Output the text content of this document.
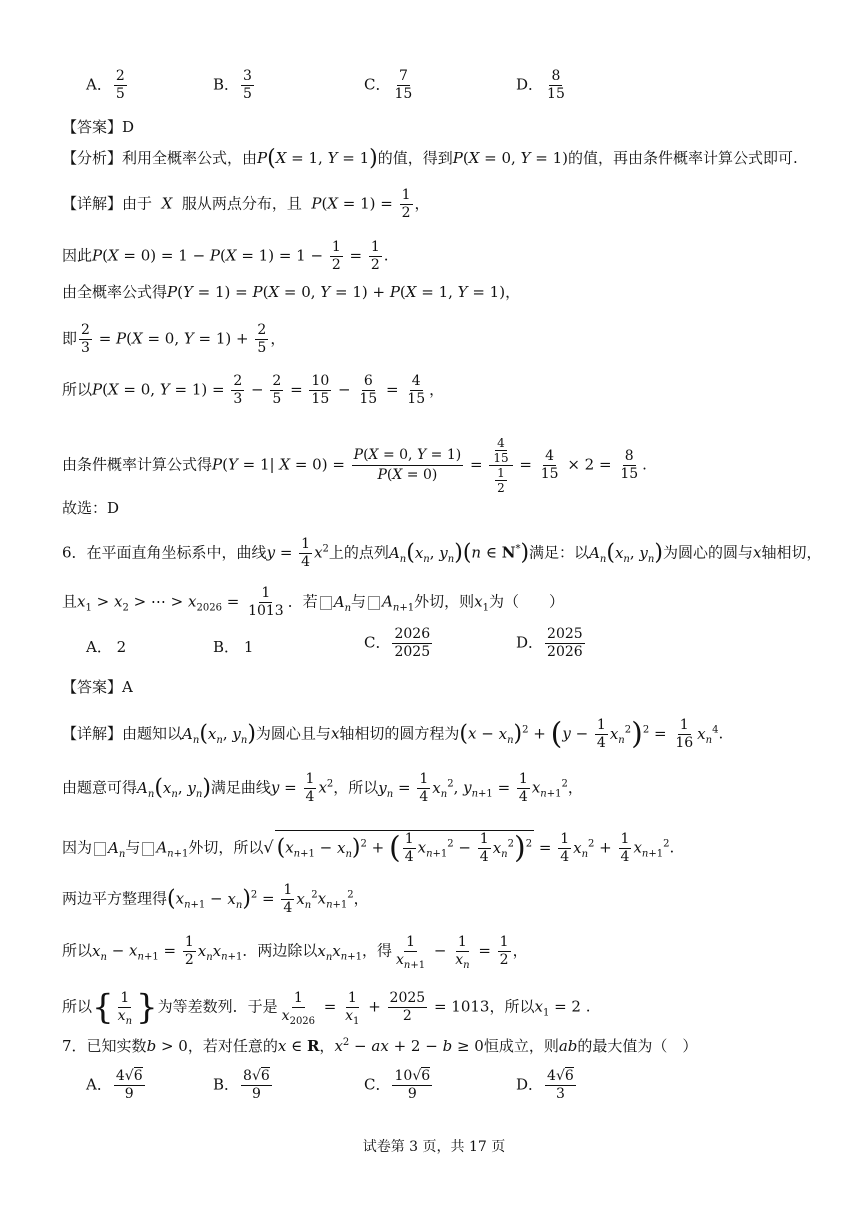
A． $\frac{2}{5}$	B． $\frac{3}{5}$	C． $\frac{7}{15}$	D． $\frac{8}{15}$
【答案】D
【分析】利用全概率公式，由P(X = 1, Y = 1)的值，得到P(X = 0, Y = 1)的值，再由条件概率计算公式即可.
【详解】由于 X 服从两点分布，且 $P(X = 1) = \frac{1}{2}$ ，
因此$P(X = 0) = 1 - P(X = 1) = 1 - \frac{1}{2} = \frac{1}{2}$ .
由全概率公式得P(Y = 1) = P(X = 0, Y = 1) + P(X = 1, Y = 1)，
即 $\frac{2}{3} = P(X = 0$, $Y = 1) + \frac{2}{5}$ ，
所以P(X = 0, $Y = 1) = \frac{2}{3} - \frac{2}{5} = \frac{10}{15} - \frac{6}{15} = \frac{4}{15}$ ，
由条件概率计算公式得P(Y = 1| $X = 0) = \frac{P(X = 0, Y = 1)}{P(X = 0)} = \frac{\frac{4}{15}}{\frac{1}{2}} = \frac{4}{15} \times 2 = \frac{8}{15}$ .
故选：D
6．在平面直角坐标系中，曲线$y = \frac{1}{4} x^2$上的点列$A_n(x_n$, $y_n)(n$ ∈ N*)满足：以$A_n(x_n$, $y_n$)为圆心的圆与x轴相切，
且$x_1 > x_2$ > ⋯ > $x_{2026} = \frac{1}{1013}$ ．若 $A_n$与 $A_{n+1}$外切，则$x_1$为（　　）
A． 2	B． 1	C． $\frac{2026}{2025}$	D． $\frac{2025}{2026}$
【答案】A
【详解】由题知以$A_n(x_n$, $y_n$)为圆心且与x轴相切的圆方程为$(x - x_n)^2 + (y - \frac{1}{4} x_n^2)^2 = \frac{1}{16} x_n^4$.
由题意可得$A_n(x_n$, $y_n$)满足曲线$y = \frac{1}{4} x^2$，所以$y_n = \frac{1}{4} x_n^2$, $y_{n+1} = \frac{1}{4} x_{n+1}^2$，
因为 $A_n$与 $A_{n+1}$外切，所以√ $(x_{n+1} - x_n)^2$ + ( $\frac{1}{4} x_{n+1}^2 - \frac{1}{4} x_n^2)^2 = \frac{1}{4} x_n^2 + \frac{1}{4} x_{n+1}^2$.
两边平方整理得$(x_{n+1} - x_n)^2 = \frac{1}{4} x_n^2x_{n+1}^2$，
所以$x_n - x_{n+1} = \frac{1}{2} x_nx_{n+1}$．两边除以$x_nx_{n+1}$，得 $\frac{1}{x_{n+1}} - \frac{1}{x_n} = \frac{1}{2}$ ，
所以{ $\frac{1}{x_n}$ }为等差数列．于是 $\frac{1}{x_{2026}} = \frac{1}{x_1} + \frac{2025}{2} = 1013$，所以$x_1 = 2$ .
7．已知实数b > 0，若对任意的x ∈ R，$x^2$ − ax + 2 − b ≥ 0恒成立，则ab的最大值为（　）
A． $\frac{4√6}{9}$	B． $\frac{8√6}{9}$	C． $\frac{10√6}{9}$	D． $\frac{4√6}{3}$
试卷第 3 页，共 17 页
